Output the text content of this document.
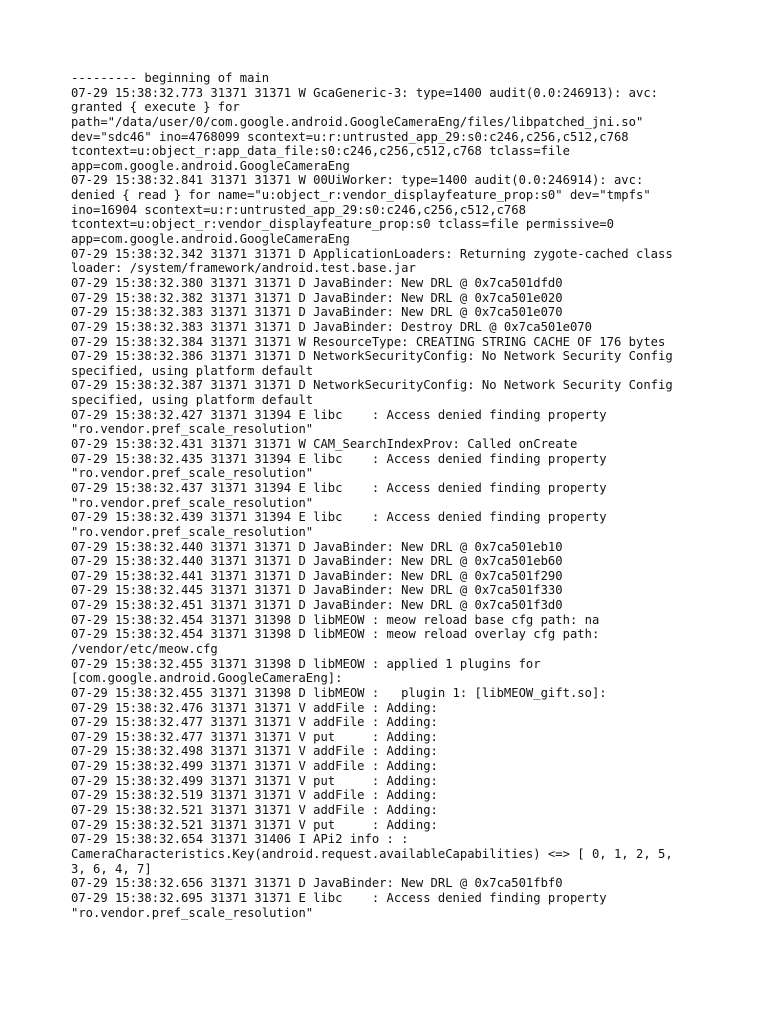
--------- beginning of main
07-29 15:38:32.773 31371 31371 W GcaGeneric-3: type=1400 audit(0.0:246913): avc:
granted { execute } for
path="/data/user/0/com.google.android.GoogleCameraEng/files/libpatched_jni.so"
dev="sdc46" ino=4768099 scontext=u:r:untrusted_app_29:s0:c246,c256,c512,c768
tcontext=u:object_r:app_data_file:s0:c246,c256,c512,c768 tclass=file
app=com.google.android.GoogleCameraEng
07-29 15:38:32.841 31371 31371 W 00UiWorker: type=1400 audit(0.0:246914): avc:
denied { read } for name="u:object_r:vendor_displayfeature_prop:s0" dev="tmpfs"
ino=16904 scontext=u:r:untrusted_app_29:s0:c246,c256,c512,c768
tcontext=u:object_r:vendor_displayfeature_prop:s0 tclass=file permissive=0
app=com.google.android.GoogleCameraEng
07-29 15:38:32.342 31371 31371 D ApplicationLoaders: Returning zygote-cached class
loader: /system/framework/android.test.base.jar
07-29 15:38:32.380 31371 31371 D JavaBinder: New DRL @ 0x7ca501dfd0
07-29 15:38:32.382 31371 31371 D JavaBinder: New DRL @ 0x7ca501e020
07-29 15:38:32.383 31371 31371 D JavaBinder: New DRL @ 0x7ca501e070
07-29 15:38:32.383 31371 31371 D JavaBinder: Destroy DRL @ 0x7ca501e070
07-29 15:38:32.384 31371 31371 W ResourceType: CREATING STRING CACHE OF 176 bytes
07-29 15:38:32.386 31371 31371 D NetworkSecurityConfig: No Network Security Config
specified, using platform default
07-29 15:38:32.387 31371 31371 D NetworkSecurityConfig: No Network Security Config
specified, using platform default
07-29 15:38:32.427 31371 31394 E libc    : Access denied finding property
"ro.vendor.pref_scale_resolution"
07-29 15:38:32.431 31371 31371 W CAM_SearchIndexProv: Called onCreate
07-29 15:38:32.435 31371 31394 E libc    : Access denied finding property
"ro.vendor.pref_scale_resolution"
07-29 15:38:32.437 31371 31394 E libc    : Access denied finding property
"ro.vendor.pref_scale_resolution"
07-29 15:38:32.439 31371 31394 E libc    : Access denied finding property
"ro.vendor.pref_scale_resolution"
07-29 15:38:32.440 31371 31371 D JavaBinder: New DRL @ 0x7ca501eb10
07-29 15:38:32.440 31371 31371 D JavaBinder: New DRL @ 0x7ca501eb60
07-29 15:38:32.441 31371 31371 D JavaBinder: New DRL @ 0x7ca501f290
07-29 15:38:32.445 31371 31371 D JavaBinder: New DRL @ 0x7ca501f330
07-29 15:38:32.451 31371 31371 D JavaBinder: New DRL @ 0x7ca501f3d0
07-29 15:38:32.454 31371 31398 D libMEOW : meow reload base cfg path: na
07-29 15:38:32.454 31371 31398 D libMEOW : meow reload overlay cfg path:
/vendor/etc/meow.cfg
07-29 15:38:32.455 31371 31398 D libMEOW : applied 1 plugins for
[com.google.android.GoogleCameraEng]:
07-29 15:38:32.455 31371 31398 D libMEOW :   plugin 1: [libMEOW_gift.so]:
07-29 15:38:32.476 31371 31371 V addFile : Adding:
07-29 15:38:32.477 31371 31371 V addFile : Adding:
07-29 15:38:32.477 31371 31371 V put     : Adding:
07-29 15:38:32.498 31371 31371 V addFile : Adding:
07-29 15:38:32.499 31371 31371 V addFile : Adding:
07-29 15:38:32.499 31371 31371 V put     : Adding:
07-29 15:38:32.519 31371 31371 V addFile : Adding:
07-29 15:38:32.521 31371 31371 V addFile : Adding:
07-29 15:38:32.521 31371 31371 V put     : Adding:
07-29 15:38:32.654 31371 31406 I APi2 info : :
CameraCharacteristics.Key(android.request.availableCapabilities) <=> [ 0, 1, 2, 5,
3, 6, 4, 7]
07-29 15:38:32.656 31371 31371 D JavaBinder: New DRL @ 0x7ca501fbf0
07-29 15:38:32.695 31371 31371 E libc    : Access denied finding property
"ro.vendor.pref_scale_resolution"
